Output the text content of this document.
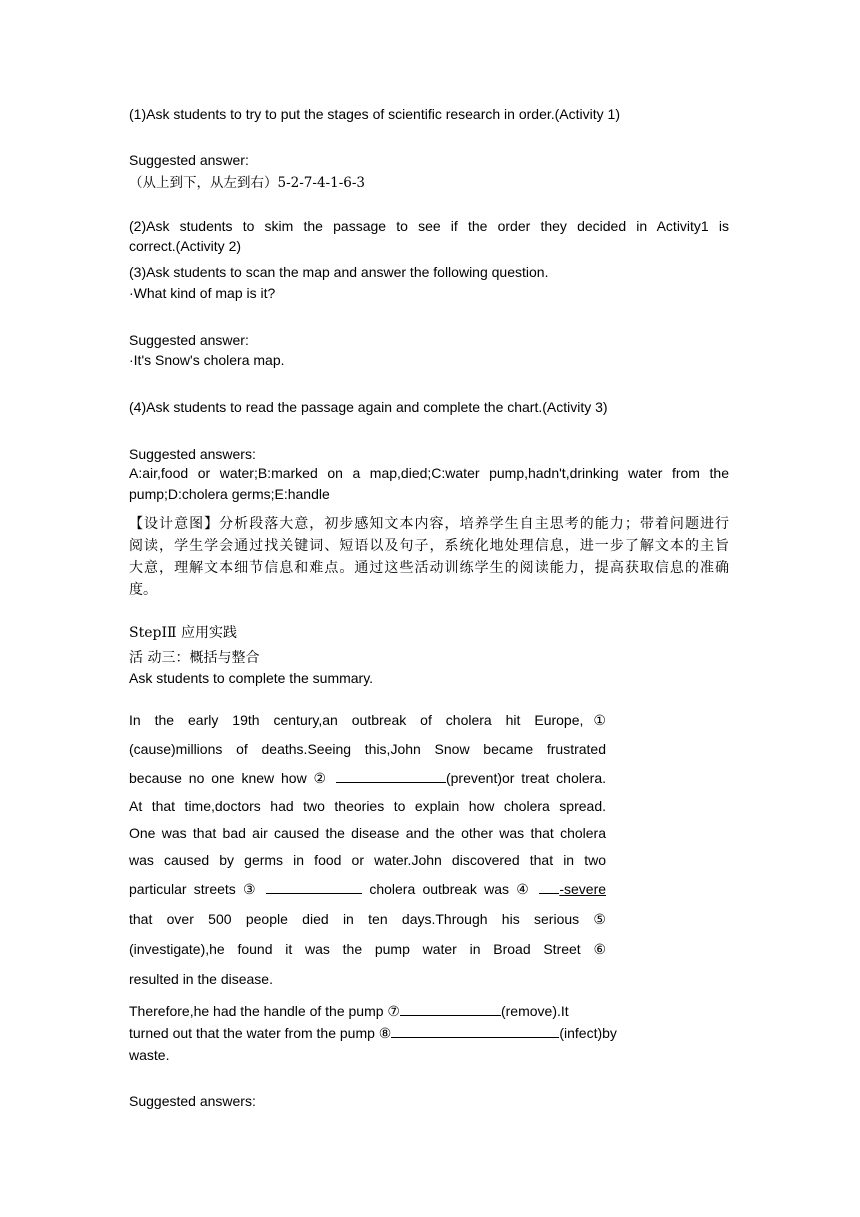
(1)Ask students to try to put the stages of scientific research in order.(Activity 1)
Suggested answer:
（从上到下，从左到右）5-2-7-4-1-6-3
(2)Ask students to skim the passage to see if the order they decided in Activity1 is
correct.(Activity 2)
(3)Ask students to scan the map and answer the following question.
·What kind of map is it?
Suggested answer:
·It's Snow's cholera map.
(4)Ask students to read the passage again and complete the chart.(Activity 3)
Suggested answers:
A:air,food or water;B:marked on a map,died;C:water pump,hadn't,drinking water from the
pump;D:cholera germs;E:handle
【设计意图】分析段落大意，初步感知文本内容，培养学生自主思考的能力；带着问题进行
阅读，学生学会通过找关键词、短语以及句子，系统化地处理信息，进一步了解文本的主旨
大意，理解文本细节信息和难点。通过这些活动训练学生的阅读能力，提高获取信息的准确
度。
StepⅠⅡ 应用实践
活 动三：概括与整合
Ask students to complete the summary.
In the early 19th century,an outbreak of cholera hit Europe,①
(cause)millions of deaths.Seeing this,John Snow became frustrated
because no one knew how ②	(prevent)or treat cholera.
At that time,doctors had two theories to explain how cholera spread.
One was that bad air caused the disease and the other was that cholera
was caused by germs in food or water.John discovered that in two
particular streets ③	cholera outbreak was ④ -severe
that over 500 people died in ten days.Through his serious ⑤
(investigate),he found it was the pump water in Broad Street ⑥
resulted in the disease.
Therefore,he had the handle of the pump ⑦	(remove).It
turned out that the water from the pump ⑧	(infect)by
waste.
Suggested answers:
